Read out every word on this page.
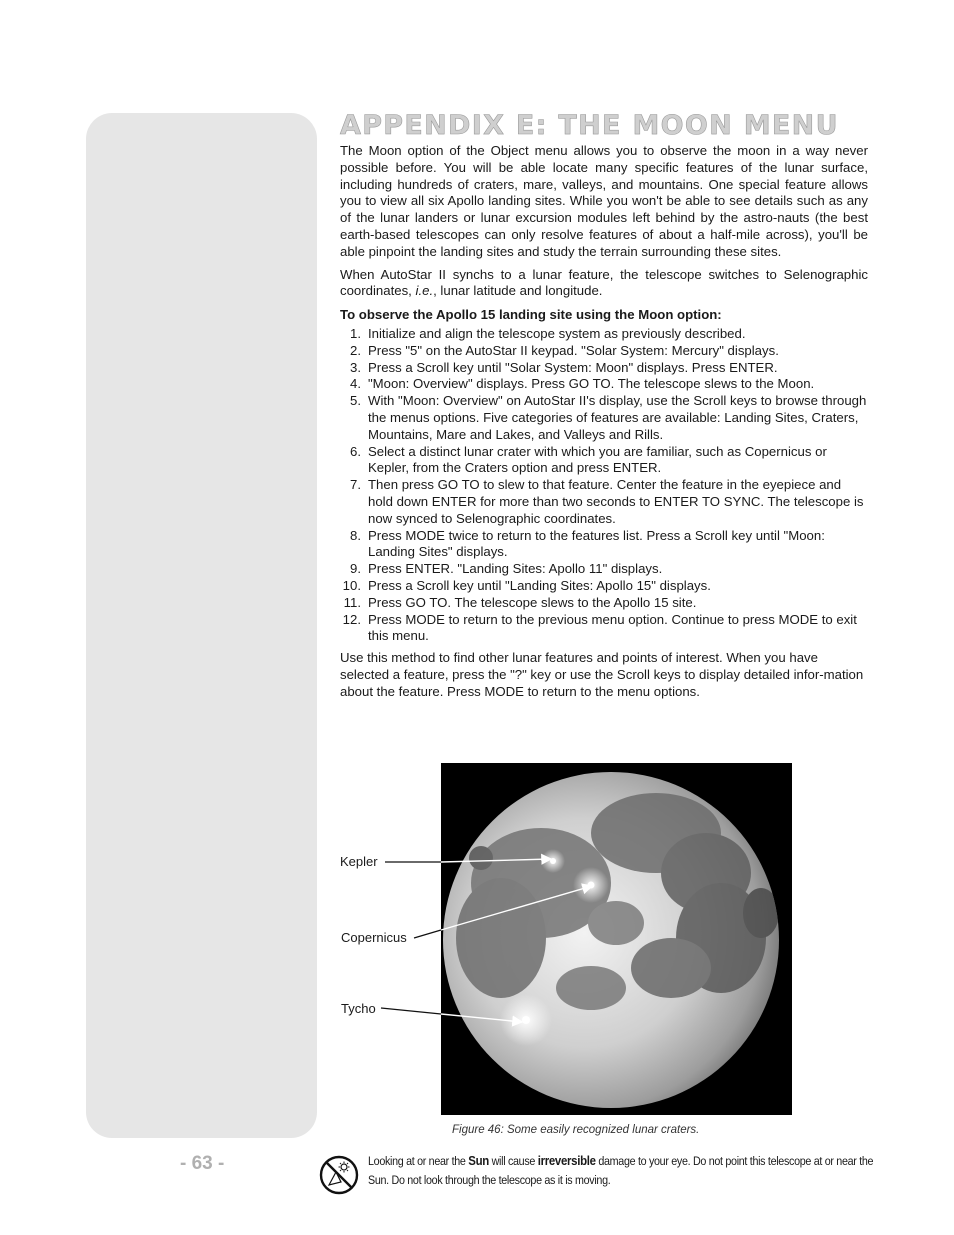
- 63 -
APPENDIX E: THE MOON MENU

The Moon option of the Object menu allows you to observe the moon in a way never possible before. You will be able locate many specific features of the lunar surface, including hundreds of craters, mare, valleys, and mountains. One special feature allows you to view all six Apollo landing sites. While you won't be able to see details such as any of the lunar landers or lunar excursion modules left behind by the astro-nauts (the best earth-based telescopes can only resolve features of about a half-mile across), you'll be able pinpoint the landing sites and study the terrain surrounding these sites.

When AutoStar II synchs to a lunar feature, the telescope switches to Selenographic coordinates, i.e., lunar latitude and longitude.

To observe the Apollo 15 landing site using the Moon option:

1. Initialize and align the telescope system as previously described.
2. Press "5" on the AutoStar II keypad. "Solar System: Mercury" displays.
3. Press a Scroll key until "Solar System: Moon" displays. Press ENTER.
4. "Moon: Overview" displays. Press GO TO. The telescope slews to the Moon.
5. With "Moon: Overview" on AutoStar II's display, use the Scroll keys to browse through the menus options. Five categories of features are available: Landing Sites, Craters, Mountains, Mare and Lakes, and Valleys and Rills.
6. Select a distinct lunar crater with which you are familiar, such as Copernicus or Kepler, from the Craters option and press ENTER.
7. Then press GO TO to slew to that feature. Center the feature in the eyepiece and hold down ENTER for more than two seconds to ENTER TO SYNC. The telescope is now synced to Selenographic coordinates.
8. Press MODE twice to return to the features list. Press a Scroll key until "Moon: Landing Sites" displays.
9. Press ENTER. "Landing Sites: Apollo 11" displays.
10. Press a Scroll key until "Landing Sites: Apollo 15" displays.
11. Press GO TO. The telescope slews to the Apollo 15 site.
12. Press MODE to return to the previous menu option. Continue to press MODE to exit this menu.

Use this method to find other lunar features and points of interest. When you have selected a feature, press the "?" key or use the Scroll keys to display detailed infor-mation about the feature. Press MODE to return to the menu options.

Kepler
Copernicus
Tycho
Figure 46: Some easily recognized lunar craters.
Looking at or near the Sun will cause irreversible damage to your eye. Do not point this telescope at or near the Sun. Do not look through the telescope as it is moving.
